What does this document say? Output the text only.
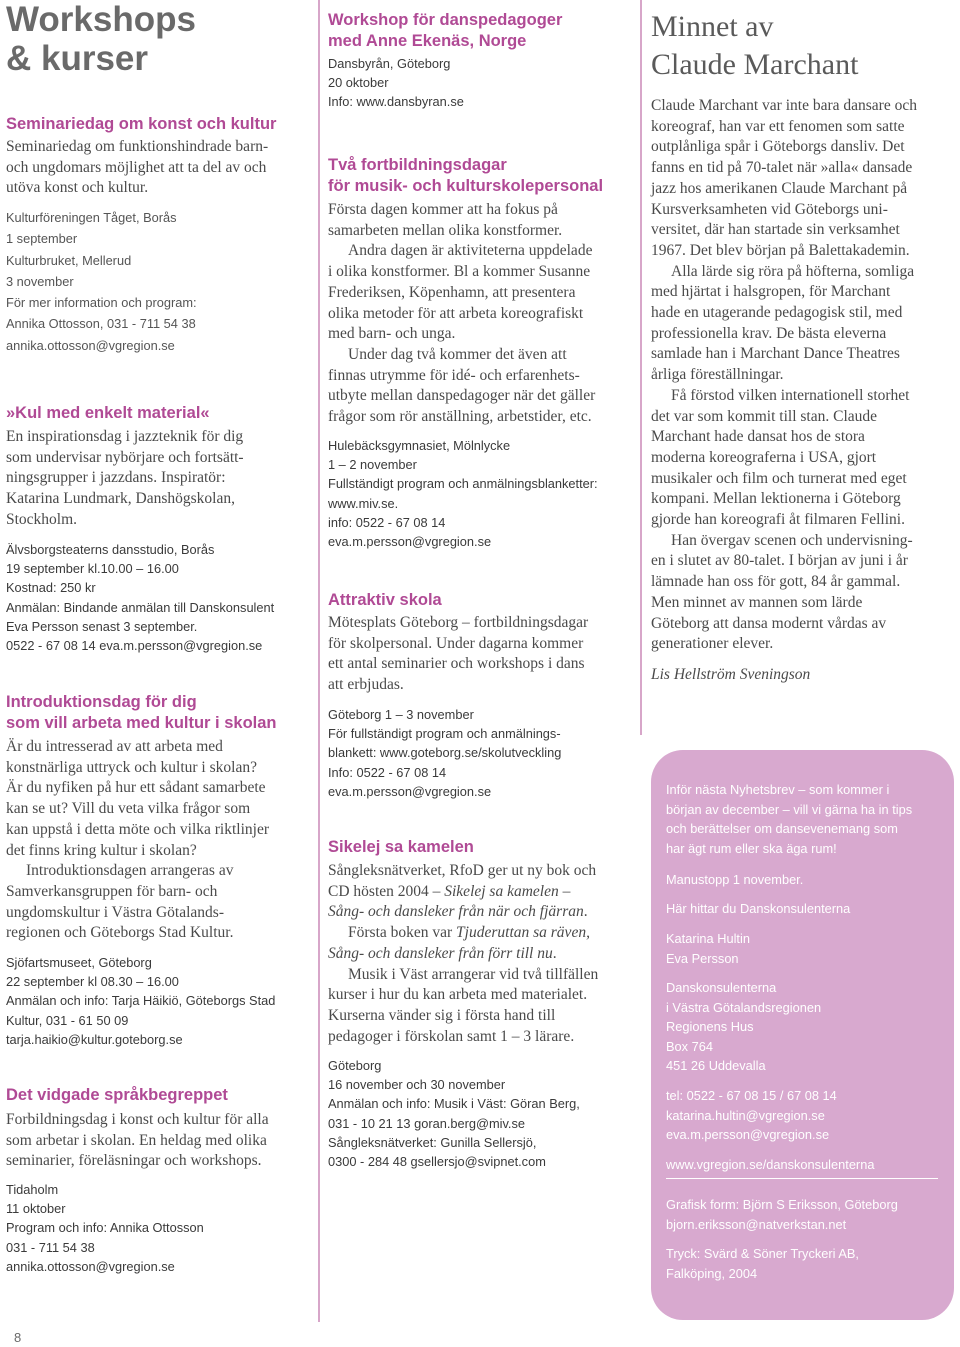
Workshops
& kurser
Seminariedag om konst och kultur

Seminariedag om funktionshindrade barn-
och ungdomars möjlighet att ta del av och
utöva konst och kultur.

Kulturföreningen Tåget, Borås
1 september
Kulturbruket, Mellerud
3 november
För mer information och program:
Annika Ottosson, 031 - 711 54 38
annika.ottosson@vgregion.se

»Kul med enkelt material«

En inspirationsdag i jazzteknik för dig
som undervisar nybörjare och fortsätt-
ningsgrupper i jazzdans. Inspiratör:
Katarina Lundmark, Danshögskolan,
Stockholm.

Älvsborgsteaterns dansstudio, Borås
19 september kl.10.00 – 16.00
Kostnad: 250 kr
Anmälan: Bindande anmälan till Danskonsulent
Eva Persson senast 3 september.
0522 - 67 08 14 eva.m.persson@vgregion.se

Introduktionsdag för dig
som vill arbeta med kultur i skolan

Är du intresserad av att arbeta med
konstnärliga uttryck och kultur i skolan?
Är du nyfiken på hur ett sådant samarbete
kan se ut? Vill du veta vilka frågor som
kan uppstå i detta möte och vilka riktlinjer
det finns kring kultur i skolan?
Introduktionsdagen arrangeras av
Samverkansgruppen för barn- och
ungdomskultur i Västra Götalands-
regionen och Göteborgs Stad Kultur.

Sjöfartsmuseet, Göteborg
22 september kl 08.30 – 16.00
Anmälan och info: Tarja Häikiö, Göteborgs Stad
Kultur, 031 - 61 50 09
tarja.haikio@kultur.goteborg.se

Det vidgade språkbegreppet

Forbildningsdag i konst och kultur för alla
som arbetar i skolan. En heldag med olika
seminarier, föreläsningar och workshops.

Tidaholm
11 oktober
Program och info: Annika Ottosson
031 - 711 54 38
annika.ottosson@vgregion.se

Workshop för danspedagoger
med Anne Ekenäs, Norge

Dansbyrån, Göteborg
20 oktober
Info: www.dansbyran.se

Två fortbildningsdagar
för musik- och kulturskolepersonal

Första dagen kommer att ha fokus på
samarbeten mellan olika konstformer.
Andra dagen är aktiviteterna uppdelade
i olika konstformer. Bl a kommer Susanne
Frederiksen, Köpenhamn, att presentera
olika metoder för att arbeta koreografiskt
med barn- och unga.
Under dag två kommer det även att
finnas utrymme för idé- och erfarenhets-
utbyte mellan danspedagoger när det gäller
frågor som rör anställning, arbetstider, etc.

Hulebäcksgymnasiet, Mölnlycke
1 – 2 november
Fullständigt program och anmälningsblanketter:
www.miv.se.
info: 0522 - 67 08 14
eva.m.persson@vgregion.se

Attraktiv skola

Mötesplats Göteborg – fortbildningsdagar
för skolpersonal. Under dagarna kommer
ett antal seminarier och workshops i dans
att erbjudas.

Göteborg 1 – 3 november
För fullständigt program och anmälnings-
blankett: www.goteborg.se/skolutveckling
Info: 0522 - 67 08 14
eva.m.persson@vgregion.se

Sikelej sa kamelen

Sångleksnätverket, RfoD ger ut ny bok och
CD hösten 2004 – Sikelej sa kamelen –
Sång- och dansleker från när och fjärran.
Första boken var Tjuderuttan sa räven,
Sång- och dansleker från förr till nu.
Musik i Väst arrangerar vid två tillfällen
kurser i hur du kan arbeta med materialet.
Kurserna vänder sig i första hand till
pedagoger i förskolan samt 1 – 3 lärare.

Göteborg
16 november och 30 november
Anmälan och info: Musik i Väst: Göran Berg,
031 - 10 21 13 goran.berg@miv.se
Sångleksnätverket: Gunilla Sellersjö,
0300 - 284 48 gsellersjo@svipnet.com

Minnet av
Claude Marchant

Claude Marchant var inte bara dansare och
koreograf, han var ett fenomen som satte
outplånliga spår i Göteborgs dansliv. Det
fanns en tid på 70-talet när »alla« dansade
jazz hos amerikanen Claude Marchant på
Kursverksamheten vid Göteborgs uni-
versitet, där han startade sin verksamhet
1967. Det blev början på Balettakademin.
Alla lärde sig röra på höfterna, somliga
med hjärtat i halsgropen, för Marchant
hade en utagerande pedagogisk stil, med
professionella krav. De bästa eleverna
samlade han i Marchant Dance Theatres
årliga föreställningar.
Få förstod vilken internationell storhet
det var som kommit till stan. Claude
Marchant hade dansat hos de stora
moderna koreograferna i USA, gjort
musikaler och film och turnerat med eget
kompani. Mellan lektionerna i Göteborg
gjorde han koreografi åt filmaren Fellini.
Han övergav scenen och undervisning-
en i slutet av 80-talet. I början av juni i år
lämnade han oss för gott, 84 år gammal.
Men minnet av mannen som lärde
Göteborg att dansa modernt vårdas av
generationer elever.

Lis Hellström Sveningson

Inför nästa Nyhetsbrev – som kommer i
början av december – vill vi gärna ha in tips
och berättelser om dansevenemang som
har ägt rum eller ska äga rum!

Manustopp 1 november.

Här hittar du Danskonsulenterna

Katarina Hultin
Eva Persson

Danskonsulenterna
i Västra Götalandsregionen
Regionens Hus
Box 764
451 26 Uddevalla

tel: 0522 - 67 08 15 / 67 08 14
katarina.hultin@vgregion.se
eva.m.persson@vgregion.se

www.vgregion.se/danskonsulenterna

Grafisk form: Björn S Eriksson, Göteborg
bjorn.eriksson@natverkstan.net

Tryck: Svärd & Söner Tryckeri AB,
Falköping, 2004

8
